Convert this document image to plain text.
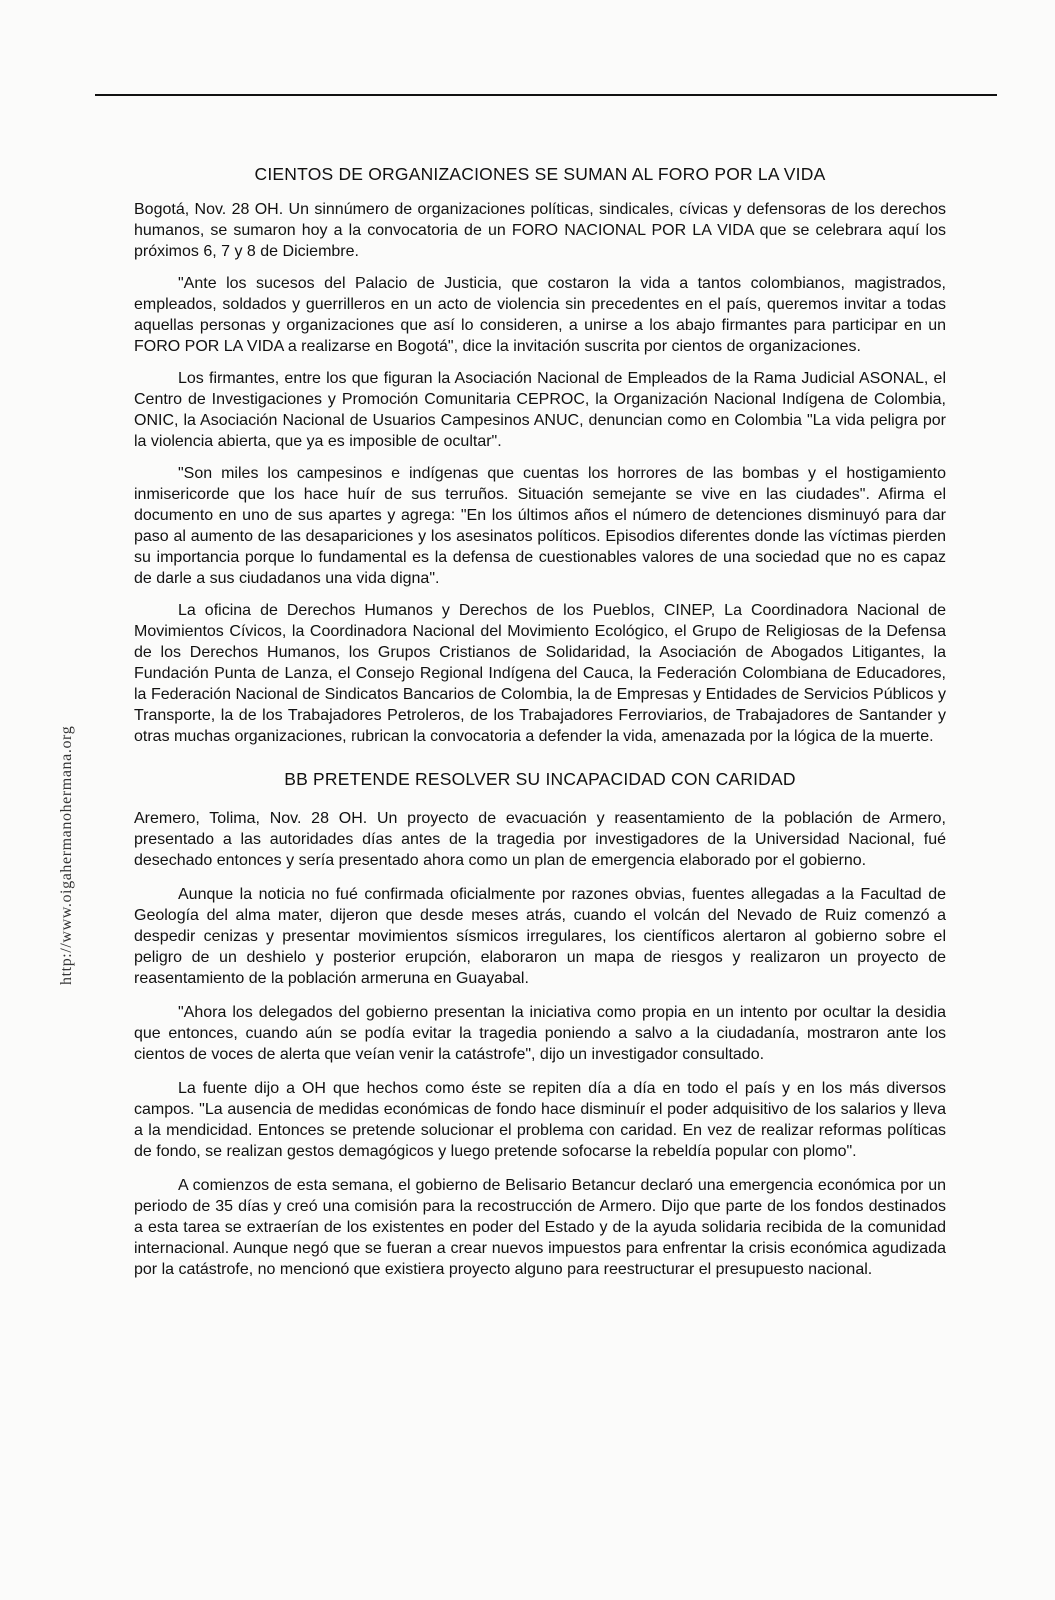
http://www.oigahermanohermana.org
CIENTOS DE ORGANIZACIONES SE SUMAN AL FORO POR LA VIDA

Bogotá, Nov. 28 OH. Un sinnúmero de organizaciones políticas, sindicales, cívicas y defensoras de los derechos humanos, se sumaron hoy a la convocatoria de un FORO NACIONAL POR LA VIDA que se celebrara aquí los próximos 6, 7 y 8 de Diciembre.

"Ante los sucesos del Palacio de Justicia, que costaron la vida a tantos colombianos, magistrados, empleados, soldados y guerrilleros en un acto de violencia sin precedentes en el país, queremos invitar a todas aquellas personas y organizaciones que así lo consideren, a unirse a los abajo firmantes para participar en un FORO POR LA VIDA a realizarse en Bogotá", dice la invitación suscrita por cientos de organizaciones.

Los firmantes, entre los que figuran la Asociación Nacional de Empleados de la Rama Judicial ASONAL, el Centro de Investigaciones y Promoción Comunitaria CEPROC, la Organización Nacional Indígena de Colombia, ONIC, la Asociación Nacional de Usuarios Campesinos ANUC, denuncian como en Colombia "La vida peligra por la violencia abierta, que ya es imposible de ocultar".

"Son miles los campesinos e indígenas que cuentas los horrores de las bombas y el hostigamiento inmisericorde que los hace huír de sus terruños. Situación semejante se vive en las ciudades". Afirma el documento en uno de sus apartes y agrega: "En los últimos años el número de detenciones disminuyó para dar paso al aumento de las desapariciones y los asesinatos políticos. Episodios diferentes donde las víctimas pierden su importancia porque lo fundamental es la defensa de cuestionables valores de una sociedad que no es capaz de darle a sus ciudadanos una vida digna".

La oficina de Derechos Humanos y Derechos de los Pueblos, CINEP, La Coordinadora Nacional de Movimientos Cívicos, la Coordinadora Nacional del Movimiento Ecológico, el Grupo de Religiosas de la Defensa de los Derechos Humanos, los Grupos Cristianos de Solidaridad, la Asociación de Abogados Litigantes, la Fundación Punta de Lanza, el Consejo Regional Indígena del Cauca, la Federación Colombiana de Educadores, la Federación Nacional de Sindicatos Bancarios de Colombia, la de Empresas y Entidades de Servicios Públicos y Transporte, la de los Trabajadores Petroleros, de los Trabajadores Ferroviarios, de Trabajadores de Santander y otras muchas organizaciones, rubrican la convocatoria a defender la vida, amenazada por la lógica de la muerte.

BB PRETENDE RESOLVER SU INCAPACIDAD CON CARIDAD

Aremero, Tolima, Nov. 28 OH. Un proyecto de evacuación y reasentamiento de la población de Armero, presentado a las autoridades días antes de la tragedia por investigadores de la Universidad Nacional, fué desechado entonces y sería presentado ahora como un plan de emergencia elaborado por el gobierno.

Aunque la noticia no fué confirmada oficialmente por razones obvias, fuentes allegadas a la Facultad de Geología del alma mater, dijeron que desde meses atrás, cuando el volcán del Nevado de Ruiz comenzó a despedir cenizas y presentar movimientos sísmicos irregulares, los científicos alertaron al gobierno sobre el peligro de un deshielo y posterior erupción, elaboraron un mapa de riesgos y realizaron un proyecto de reasentamiento de la población armeruna en Guayabal.

"Ahora los delegados del gobierno presentan la iniciativa como propia en un intento por ocultar la desidia que entonces, cuando aún se podía evitar la tragedia poniendo a salvo a la ciudadanía, mostraron ante los cientos de voces de alerta que veían venir la catástrofe", dijo un investigador consultado.

La fuente dijo a OH que hechos como éste se repiten día a día en todo el país y en los más diversos campos. "La ausencia de medidas económicas de fondo hace disminuír el poder adquisitivo de los salarios y lleva a la mendicidad. Entonces se pretende solucionar el problema con caridad. En vez de realizar reformas políticas de fondo, se realizan gestos demagógicos y luego pretende sofocarse la rebeldía popular con plomo".

A comienzos de esta semana, el gobierno de Belisario Betancur declaró una emergencia económica por un periodo de 35 días y creó una comisión para la recostrucción de Armero. Dijo que parte de los fondos destinados a esta tarea se extraerían de los existentes en poder del Estado y de la ayuda solidaria recibida de la comunidad internacional. Aunque negó que se fueran a crear nuevos impuestos para enfrentar la crisis económica agudizada por la catástrofe, no mencionó que existiera proyecto alguno para reestructurar el presupuesto nacional.
